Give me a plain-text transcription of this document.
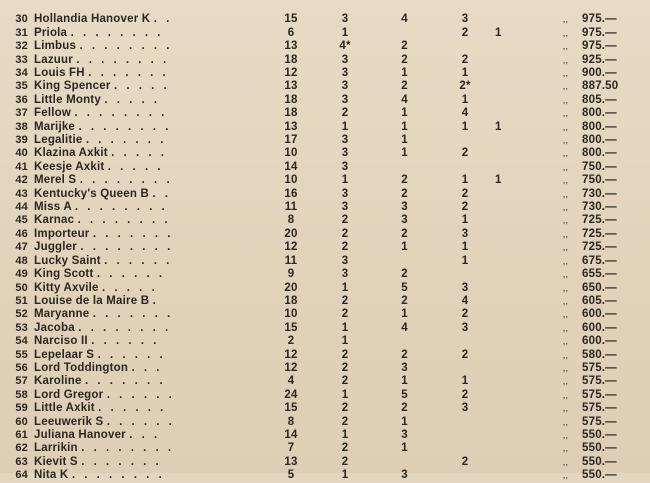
30	Hollandia Hanover K . .	15	3	4	3		,,	975.—
31	Priola . . . . . . . .	6	1		2	1	,,	975.—
32	Limbus . . . . . . . .	13	4*	2			,,	975.—
33	Lazuur . . . . . . . .	18	3	2	2		,,	925.—
34	Louis FH . . . . . . .	12	3	1	1		,,	900.—
35	King Spencer . . . . .	13	3	2	2*		,,	887.50
36	Little Monty . . . . .	18	3	4	1		,,	805.—
37	Fellow . . . . . . . .	18	2	1	4		,,	800.—
38	Marijke . . . . . . . .	13	1	1	1	1	,,	800.—
39	Legalitie . . . . . . .	17	3	1			,,	800.—
40	Klazina Axkit . . . . .	10	3	1	2		,,	800.—
41	Keesje Axkit . . . . .	14	3				,,	750.—
42	Merel S . . . . . . . .	10	1	2	1	1	,,	750.—
43	Kentucky's Queen B . .	16	3	2	2		,,	730.—
44	Miss A . . . . . . . .	11	3	3	2		,,	730.—
45	Karnac . . . . . . . .	8	2	3	1		,,	725.—
46	Importeur . . . . . . .	20	2	2	3		,,	725.—
47	Juggler . . . . . . . .	12	2	1	1		,,	725.—
48	Lucky Saint . . . . . .	11	3		1		,,	675.—
49	King Scott . . . . . .	9	3	2			,,	655.—
50	Kitty Axvile . . . . .	20	1	5	3		,,	650.—
51	Louise de la Maire B .	18	2	2	4		,,	605.—
52	Maryanne . . . . . . .	10	2	1	2		,,	600.—
53	Jacoba . . . . . . . .	15	1	4	3		,,	600.—
54	Narciso II . . . . . .	2	1				,,	600.—
55	Lepelaar S . . . . . .	12	2	2	2		,,	580.—
56	Lord Toddington . . .	12	2	3			,,	575.—
57	Karoline . . . . . . .	4	2	1	1		,,	575.—
58	Lord Gregor . . . . . .	24	1	5	2		,,	575.—
59	Little Axkit . . . . . .	15	2	2	3		,,	575.—
60	Leeuwerik S . . . . . .	8	2	1			,,	575.—
61	Juliana Hanover . . .	14	1	3			,,	550.—
62	Larrikin . . . . . . . .	7	2	1			,,	550.—
63	Kievit S . . . . . . .	13	2		2		,,	550.—
64	Nita K . . . . . . . .	5	1	3			,,	550.—
